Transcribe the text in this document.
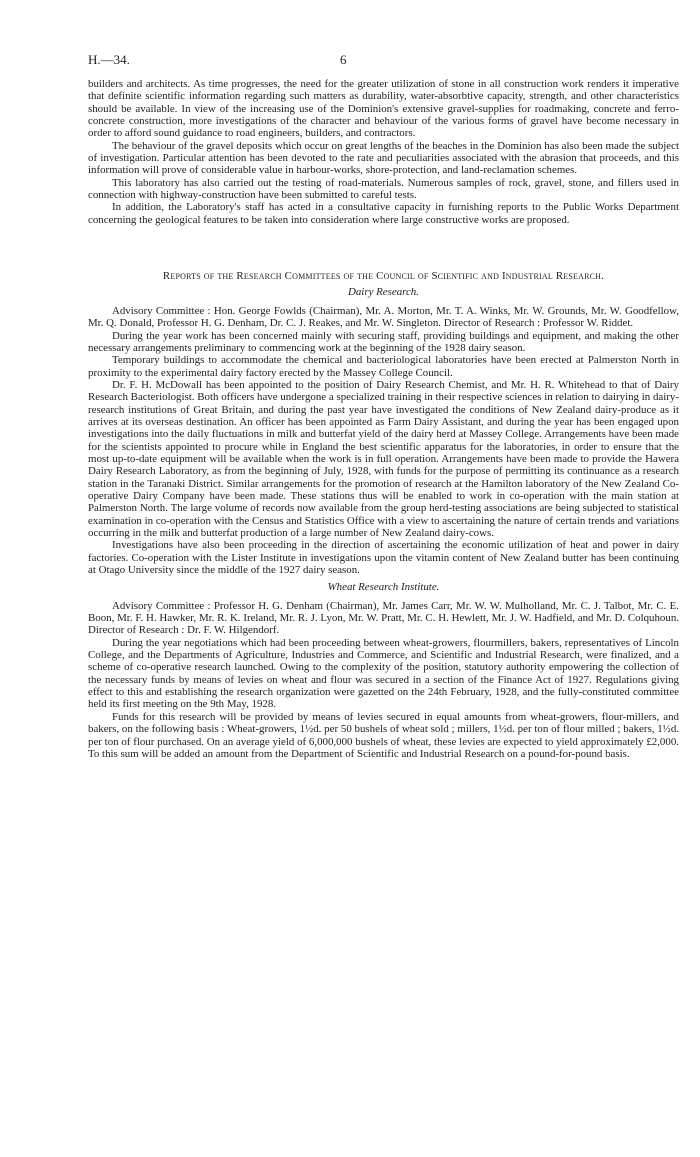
H.—34.	6

builders and architects. As time progresses, the need for the greater utilization of stone in all construction work renders it imperative that definite scientific information regarding such matters as durability, water-absorbtive capacity, strength, and other characteristics should be available. In view of the increasing use of the Dominion's extensive gravel-supplies for roadmaking, concrete and ferro-concrete construction, more investigations of the character and behaviour of the various forms of gravel have become necessary in order to afford sound guidance to road engineers, builders, and contractors.

The behaviour of the gravel deposits which occur on great lengths of the beaches in the Dominion has also been made the subject of investigation. Particular attention has been devoted to the rate and peculiarities associated with the abrasion that proceeds, and this information will prove of considerable value in harbour-works, shore-protection, and land-reclamation schemes.

This laboratory has also carried out the testing of road-materials. Numerous samples of rock, gravel, stone, and fillers used in connection with highway-construction have been submitted to careful tests.

In addition, the Laboratory's staff has acted in a consultative capacity in furnishing reports to the Public Works Department concerning the geological features to be taken into consideration where large constructive works are proposed.

Reports of the Research Committees of the Council of Scientific and Industrial Research.
Dairy Research.

Advisory Committee : Hon. George Fowlds (Chairman), Mr. A. Morton, Mr. T. A. Winks, Mr. W. Grounds, Mr. W. Goodfellow, Mr. Q. Donald, Professor H. G. Denham, Dr. C. J. Reakes, and Mr. W. Singleton. Director of Research : Professor W. Riddet.

During the year work has been concerned mainly with securing staff, providing buildings and equipment, and making the other necessary arrangements preliminary to commencing work at the beginning of the 1928 dairy season.

Temporary buildings to accommodate the chemical and bacteriological laboratories have been erected at Palmerston North in proximity to the experimental dairy factory erected by the Massey College Council.

Dr. F. H. McDowall has been appointed to the position of Dairy Research Chemist, and Mr. H. R. Whitehead to that of Dairy Research Bacteriologist. Both officers have undergone a specialized training in their respective sciences in relation to dairying in dairy-research institutions of Great Britain, and during the past year have investigated the conditions of New Zealand dairy-produce as it arrives at its overseas destination. An officer has been appointed as Farm Dairy Assistant, and during the year has been engaged upon investigations into the daily fluctuations in milk and butterfat yield of the dairy herd at Massey College. Arrangements have been made for the scientists appointed to procure while in England the best scientific apparatus for the laboratories, in order to ensure that the most up-to-date equipment will be available when the work is in full operation. Arrangements have been made to provide the Hawera Dairy Research Laboratory, as from the beginning of July, 1928, with funds for the purpose of permitting its continuance as a research station in the Taranaki District. Similar arrangements for the promotion of research at the Hamilton laboratory of the New Zealand Co-operative Dairy Company have been made. These stations thus will be enabled to work in co-operation with the main station at Palmerston North. The large volume of records now available from the group herd-testing associations are being subjected to statistical examination in co-operation with the Census and Statistics Office with a view to ascertaining the nature of certain trends and variations occurring in the milk and butterfat production of a large number of New Zealand dairy-cows.

Investigations have also been proceeding in the direction of ascertaining the economic utilization of heat and power in dairy factories. Co-operation with the Lister Institute in investigations upon the vitamin content of New Zealand butter has been continuing at Otago University since the middle of the 1927 dairy season.

Wheat Research Institute.

Advisory Committee : Professor H. G. Denham (Chairman), Mr. James Carr, Mr. W. W. Mulholland, Mr. C. J. Talbot, Mr. C. E. Boon, Mr. F. H. Hawker, Mr. R. K. Ireland, Mr. R. J. Lyon, Mr. W. Pratt, Mr. C. H. Hewlett, Mr. J. W. Hadfield, and Mr. D. Colquhoun. Director of Research : Dr. F. W. Hilgendorf.

During the year negotiations which had been proceeding between wheat-growers, flourmillers, bakers, representatives of Lincoln College, and the Departments of Agriculture, Industries and Commerce, and Scientific and Industrial Research, were finalized, and a scheme of co-operative research launched. Owing to the complexity of the position, statutory authority empowering the collection of the necessary funds by means of levies on wheat and flour was secured in a section of the Finance Act of 1927. Regulations giving effect to this and establishing the research organization were gazetted on the 24th February, 1928, and the fully-constituted committee held its first meeting on the 9th May, 1928.

Funds for this research will be provided by means of levies secured in equal amounts from wheat-growers, flour-millers, and bakers, on the following basis : Wheat-growers, 1½d. per 50 bushels of wheat sold ; millers, 1½d. per ton of flour milled ; bakers, 1½d. per ton of flour purchased. On an average yield of 6,000,000 bushels of wheat, these levies are expected to yield approximately £2,000. To this sum will be added an amount from the Department of Scientific and Industrial Research on a pound-for-pound basis.
